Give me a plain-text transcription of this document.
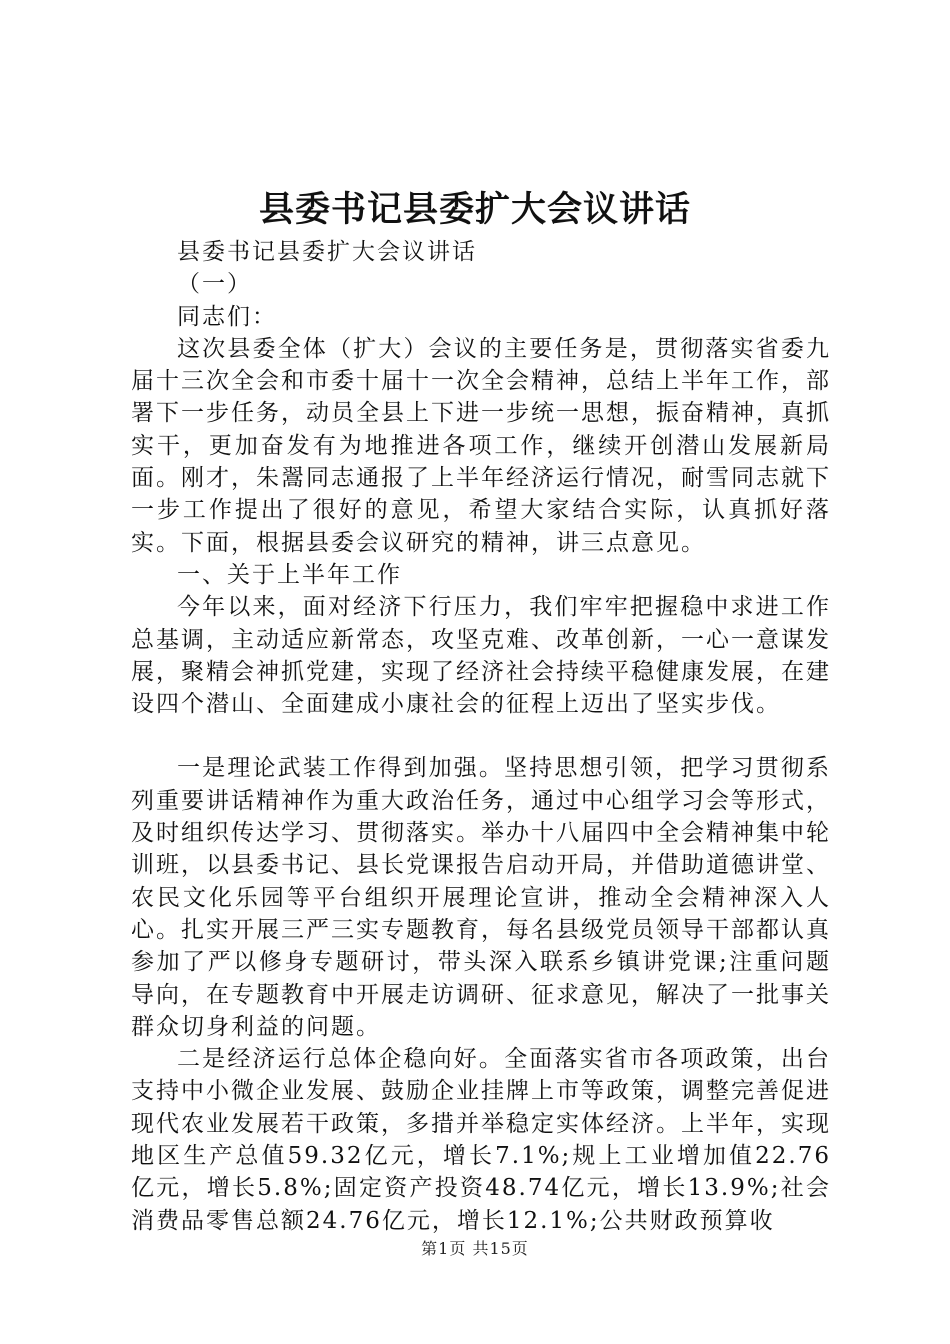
县委书记县委扩大会议讲话

县委书记县委扩大会议讲话

（一）

同志们：

这次县委全体（扩大）会议的主要任务是，贯彻落实省委九届十三次全会和市委十届十一次全会精神，总结上半年工作，部署下一步任务，动员全县上下进一步统一思想，振奋精神，真抓实干，更加奋发有为地推进各项工作，继续开创潜山发展新局面。刚才，朱翯同志通报了上半年经济运行情况，耐雪同志就下一步工作提出了很好的意见，希望大家结合实际，认真抓好落实。下面，根据县委会议研究的精神，讲三点意见。

一、关于上半年工作

今年以来，面对经济下行压力，我们牢牢把握稳中求进工作总基调，主动适应新常态，攻坚克难、改革创新，一心一意谋发展，聚精会神抓党建，实现了经济社会持续平稳健康发展，在建设四个潜山、全面建成小康社会的征程上迈出了坚实步伐。

一是理论武装工作得到加强。坚持思想引领，把学习贯彻系列重要讲话精神作为重大政治任务，通过中心组学习会等形式，及时组织传达学习、贯彻落实。举办十八届四中全会精神集中轮训班，以县委书记、县长党课报告启动开局，并借助道德讲堂、农民文化乐园等平台组织开展理论宣讲，推动全会精神深入人心。扎实开展三严三实专题教育，每名县级党员领导干部都认真参加了严以修身专题研讨，带头深入联系乡镇讲党课;注重问题导向，在专题教育中开展走访调研、征求意见，解决了一批事关群众切身利益的问题。

二是经济运行总体企稳向好。全面落实省市各项政策，出台支持中小微企业发展、鼓励企业挂牌上市等政策，调整完善促进现代农业发展若干政策，多措并举稳定实体经济。上半年，实现地区生产总值59.32亿元，增长7.1%;规上工业增加值22.76亿元，增长5.8%;固定资产投资48.74亿元，增长13.9%;社会消费品零售总额24.76亿元，增长12.1%;公共财政预算收

第1页 共15页
